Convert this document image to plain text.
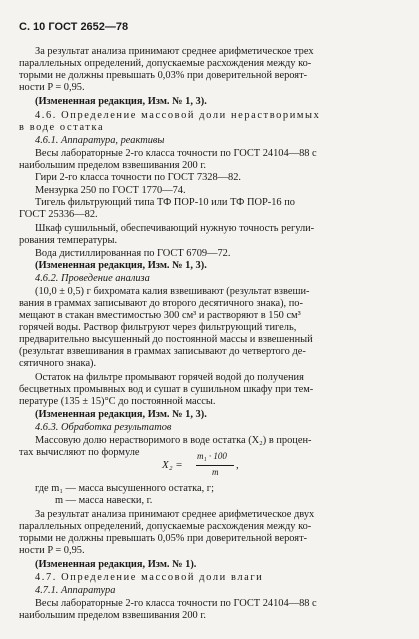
С. 10 ГОСТ 2652—78
За результат анализа принимают среднее арифметическое трех
параллельных определений, допускаемые расхождения между ко-
торыми не должны превышать 0,03% при доверительной вероят-
ности P = 0,95.
(Измененная редакция, Изм. № 1, 3).
4.6. Определение массовой доли нерастворимых
в воде остатка
4.6.1. Аппаратура, реактивы
Весы лабораторные 2-го класса точности по ГОСТ 24104—88 с
наибольшим пределом взвешивания 200 г.
Гири 2-го класса точности по ГОСТ 7328—82.
Мензурка 250 по ГОСТ 1770—74.
Тигель фильтрующий типа ТФ ПОР-10 или ТФ ПОР-16 по
ГОСТ 25336—82.
Шкаф сушильный, обеспечивающий нужную точность регули-
рования температуры.
Вода дистиллированная по ГОСТ 6709—72.
(Измененная редакция, Изм. № 1, 3).
4.6.2. Проведение анализа
(10,0 ± 0,5) г бихромата калия взвешивают (результат взвеши-
вания в граммах записывают до второго десятичного знака), по-
мещают в стакан вместимостью 300 см³ и растворяют в 150 см³
горячей воды. Раствор фильтруют через фильтрующий тигель,
предварительно высушенный до постоянной массы и взвешенный
(результат взвешивания в граммах записывают до четвертого де-
сятичного знака).
Остаток на фильтре промывают горячей водой до получения
бесцветных промывных вод и сушат в сушильном шкафу при тем-
пературе (135 ± 15)°С до постоянной массы.
(Измененная редакция, Изм. № 1, 3).
4.6.3. Обработка результатов
Массовую долю нерастворимого в воде остатка (X₂) в процен-
тах вычисляют по формуле
X₂ =
m₁ · 100
m
,
где m₁ — масса высушенного остатка, г;
m — масса навески, г.
За результат анализа принимают среднее арифметическое двух
параллельных определений, допускаемые расхождения между ко-
торыми не должны превышать 0,05% при доверительной вероят-
ности P = 0,95.
(Измененная редакция, Изм. № 1).
4.7. Определение массовой доли влаги
4.7.1. Аппаратура
Весы лабораторные 2-го класса точности по ГОСТ 24104—88 с
наибольшим пределом взвешивания 200 г.
